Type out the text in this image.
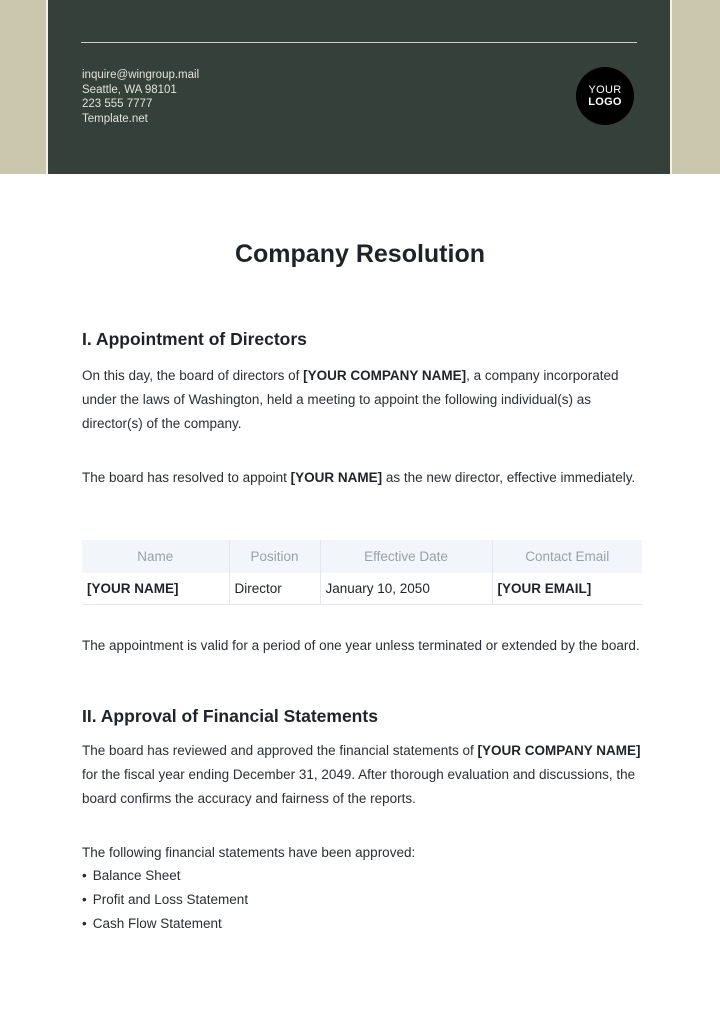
inquire@wingroup.mail
Seattle, WA 98101
223 555 7777
Template.net
YOUR
LOGO
Company Resolution
I. Appointment of Directors
On this day, the board of directors of [YOUR COMPANY NAME], a company incorporated under the laws of Washington, held a meeting to appoint the following individual(s) as director(s) of the company.
The board has resolved to appoint [YOUR NAME] as the new director, effective immediately.
Name	Position	Effective Date	Contact Email
[YOUR NAME]	Director	January 10, 2050	[YOUR EMAIL]
The appointment is valid for a period of one year unless terminated or extended by the board.
II. Approval of Financial Statements
The board has reviewed and approved the financial statements of [YOUR COMPANY NAME] for the fiscal year ending December 31, 2049. After thorough evaluation and discussions, the board confirms the accuracy and fairness of the reports.
The following financial statements have been approved:
• Balance Sheet
• Profit and Loss Statement
• Cash Flow Statement
